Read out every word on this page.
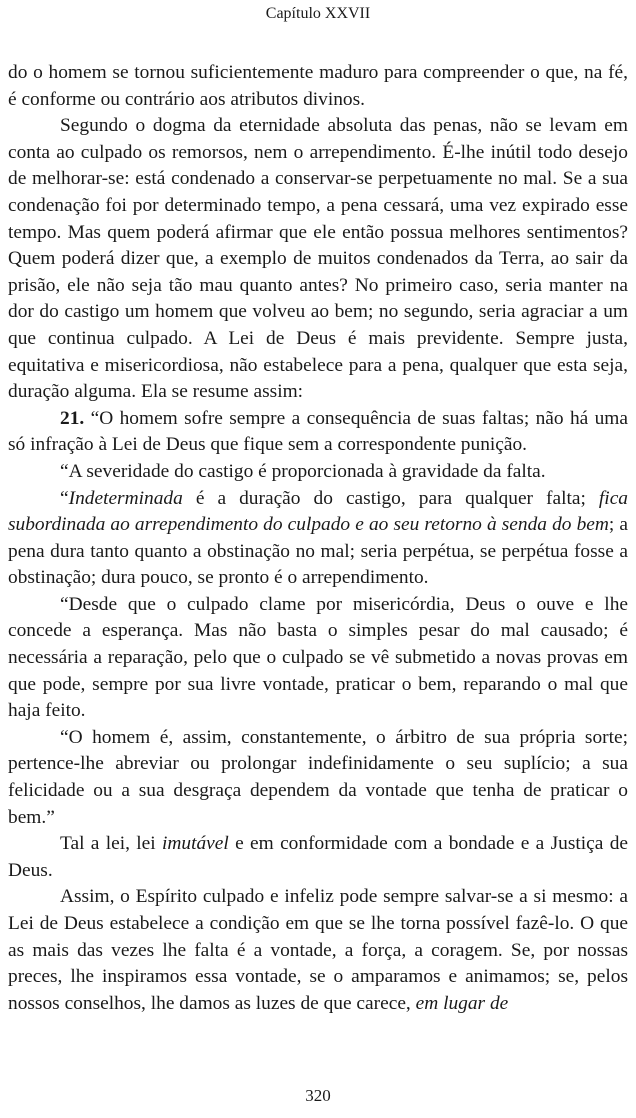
Capítulo XXVII

do o homem se tornou suficientemente maduro para compreender o que, na fé, é conforme ou contrário aos atributos divinos.

Segundo o dogma da eternidade absoluta das penas, não se levam em conta ao culpado os remorsos, nem o arrependimento. É-lhe inútil todo desejo de melhorar-se: está condenado a conservar-se perpetuamente no mal. Se a sua condenação foi por determinado tempo, a pena cessará, uma vez expirado esse tempo. Mas quem poderá afirmar que ele então possua melhores sentimentos? Quem poderá dizer que, a exemplo de muitos condenados da Terra, ao sair da prisão, ele não seja tão mau quanto antes? No primeiro caso, seria manter na dor do castigo um homem que volveu ao bem; no segundo, seria agraciar a um que continua culpado. A Lei de Deus é mais previdente. Sempre justa, equitativa e misericordiosa, não estabelece para a pena, qualquer que esta seja, duração alguma. Ela se resume assim:

21. “O homem sofre sempre a consequência de suas faltas; não há uma só infração à Lei de Deus que fique sem a correspondente punição.

“A severidade do castigo é proporcionada à gravidade da falta.

“Indeterminada é a duração do castigo, para qualquer falta; fica subordinada ao arrependimento do culpado e ao seu retorno à senda do bem; a pena dura tanto quanto a obstinação no mal; seria perpétua, se perpétua fosse a obstinação; dura pouco, se pronto é o arrependimento.

“Desde que o culpado clame por misericórdia, Deus o ouve e lhe concede a esperança. Mas não basta o simples pesar do mal causado; é necessária a reparação, pelo que o culpado se vê submetido a novas provas em que pode, sempre por sua livre vontade, praticar o bem, reparando o mal que haja feito.

“O homem é, assim, constantemente, o árbitro de sua própria sorte; pertence-lhe abreviar ou prolongar indefinidamente o seu suplício; a sua felicidade ou a sua desgraça dependem da vontade que tenha de praticar o bem.”

Tal a lei, lei imutável e em conformidade com a bondade e a Justiça de Deus.

Assim, o Espírito culpado e infeliz pode sempre salvar-se a si mesmo: a Lei de Deus estabelece a condição em que se lhe torna possível fazê-lo. O que as mais das vezes lhe falta é a vontade, a força, a coragem. Se, por nossas preces, lhe inspiramos essa vontade, se o amparamos e animamos; se, pelos nossos conselhos, lhe damos as luzes de que carece, em lugar de

320
